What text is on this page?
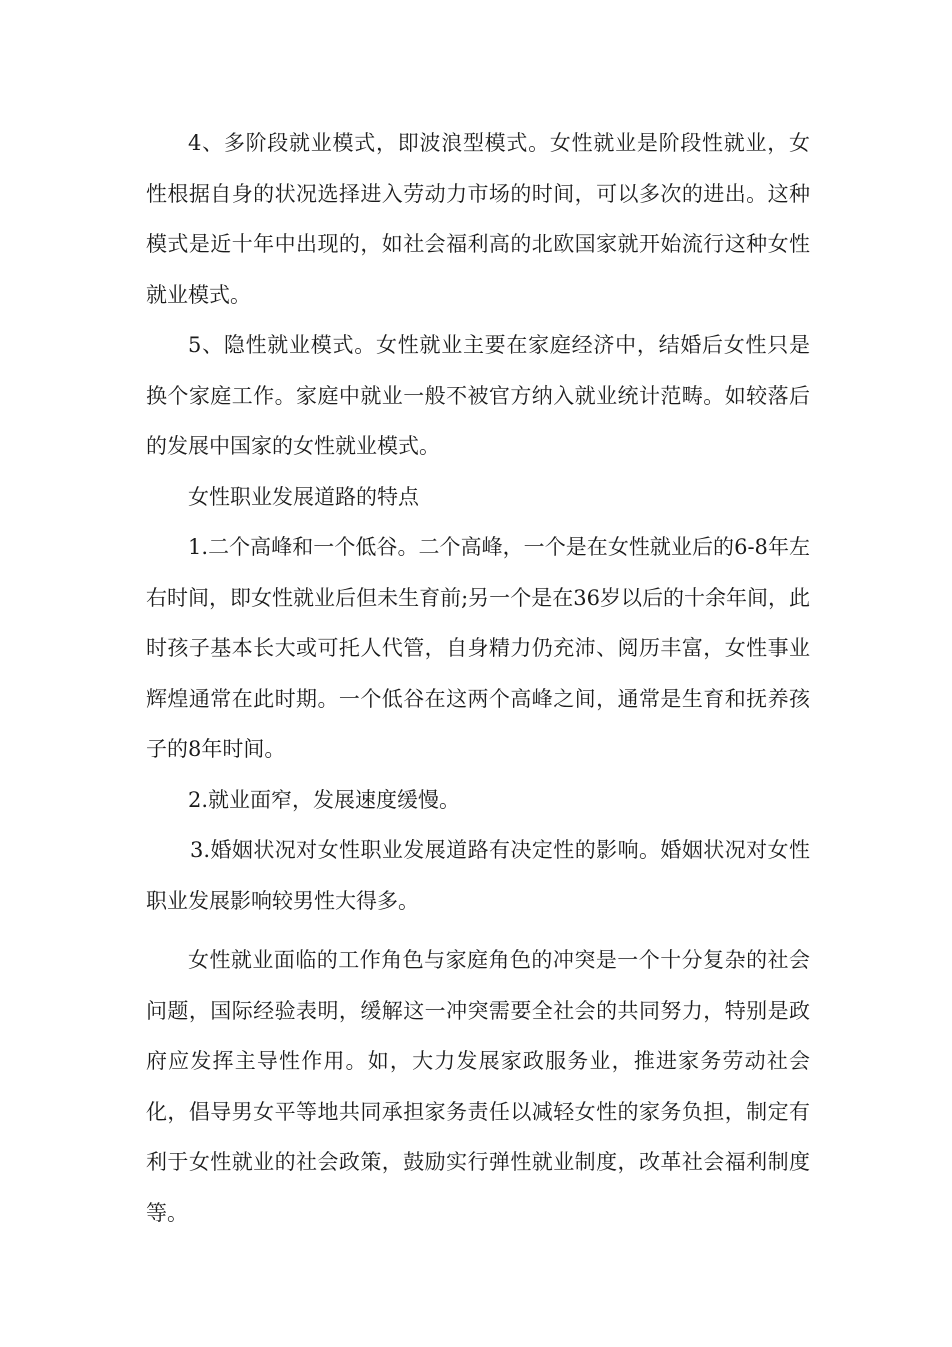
4、多阶段就业模式，即波浪型模式。女性就业是阶段性就业，女性根据自身的状况选择进入劳动力市场的时间，可以多次的进出。这种模式是近十年中出现的，如社会福利高的北欧国家就开始流行这种女性就业模式。

5、隐性就业模式。女性就业主要在家庭经济中，结婚后女性只是换个家庭工作。家庭中就业一般不被官方纳入就业统计范畴。如较落后的发展中国家的女性就业模式。

女性职业发展道路的特点

1.二个高峰和一个低谷。二个高峰，一个是在女性就业后的6-8年左右时间，即女性就业后但未生育前;另一个是在36岁以后的十余年间，此时孩子基本长大或可托人代管，自身精力仍充沛、阅历丰富，女性事业辉煌通常在此时期。一个低谷在这两个高峰之间，通常是生育和抚养孩子的8年时间。

2.就业面窄，发展速度缓慢。

3.婚姻状况对女性职业发展道路有决定性的影响。婚姻状况对女性职业发展影响较男性大得多。

女性就业面临的工作角色与家庭角色的冲突是一个十分复杂的社会问题，国际经验表明，缓解这一冲突需要全社会的共同努力，特别是政府应发挥主导性作用。如，大力发展家政服务业，推进家务劳动社会化，倡导男女平等地共同承担家务责任以减轻女性的家务负担，制定有利于女性就业的社会政策，鼓励实行弹性就业制度，改革社会福利制度等。
